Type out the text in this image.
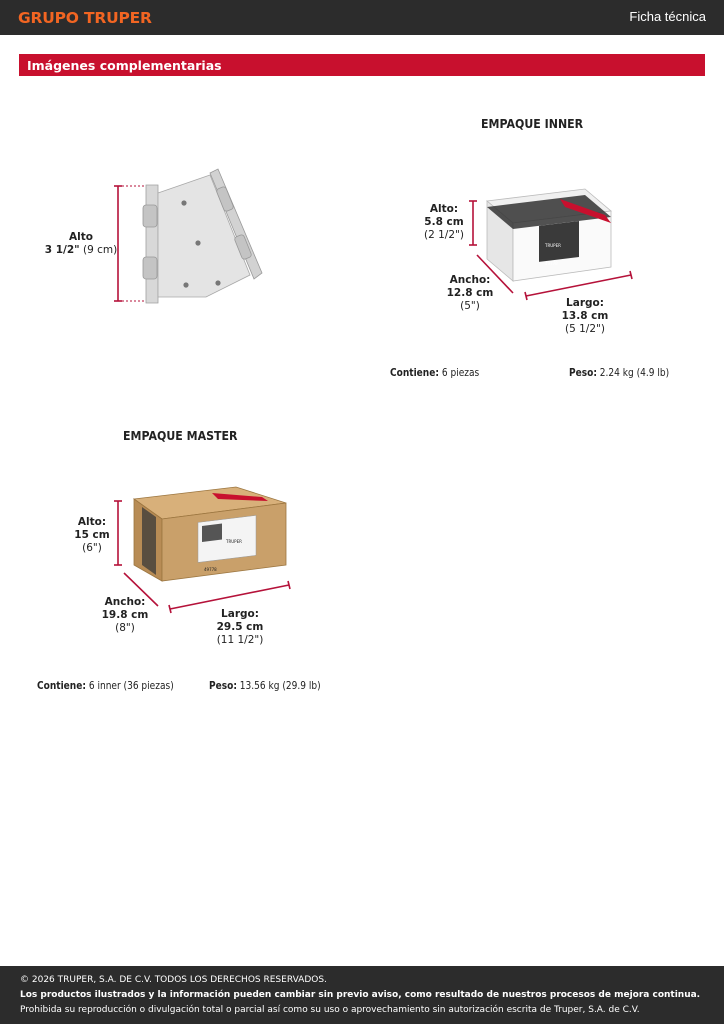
GRUPO TRUPER	Ficha técnica
Imágenes complementarias
Alto
3 1/2" (9 cm)
EMPAQUE INNER
Alto:
5.8 cm
(2 1/2")
Ancho:
12.8 cm
(5")	Largo:
13.8 cm
(5 1/2")
TRUPER
49778
Contiene: 6 piezas	Peso: 2.24 kg (4.9 lb)
EMPAQUE MASTER
Alto:
15 cm
(6")
Ancho:
19.8 cm
(8")
Largo:
29.5 cm
(11 1/2")
TRUPER
49778
Contiene: 6 inner (36 piezas)	Peso: 13.56 kg (29.9 lb)
© 2026 TRUPER, S.A. DE C.V. TODOS LOS DERECHOS RESERVADOS.
Los productos ilustrados y la información pueden cambiar sin previo aviso, como resultado de nuestros procesos de mejora continua.
Prohibida su reproducción o divulgación total o parcial así como su uso o aprovechamiento sin autorización escrita de Truper, S.A. de C.V.
